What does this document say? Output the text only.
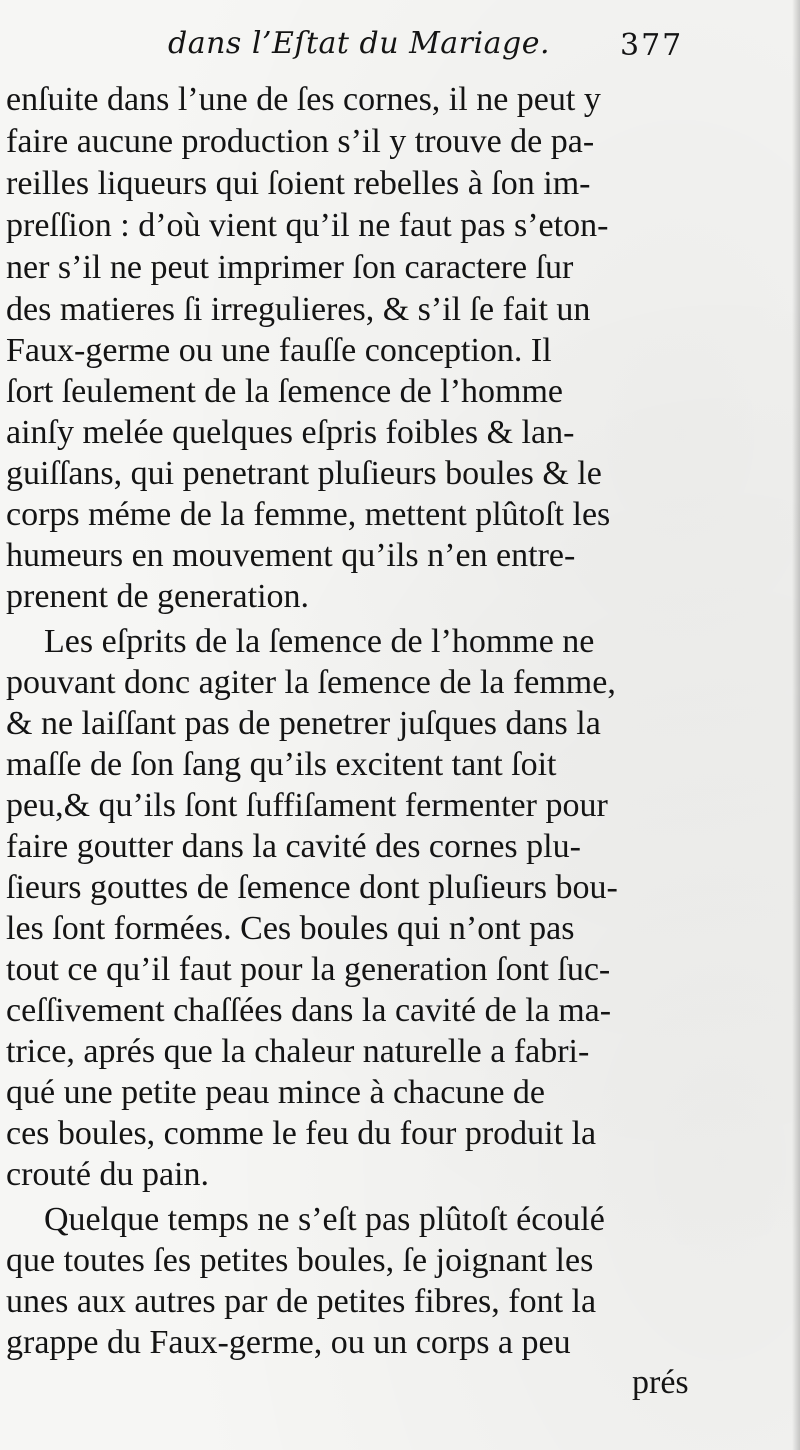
dans l’Eſtat du Mariage. 377
enſuite dans l’une de ſes cornes, il ne peut y
faire aucune production s’il y trouve de pa-
reilles liqueurs qui ſoient rebelles à ſon im-
preſſion : d’où vient qu’il ne faut pas s’eton-
ner s’il ne peut imprimer ſon caractere ſur
des matieres ſi irregulieres, & s’il ſe fait un
Faux-germe ou une fauſſe conception. Il
ſort ſeulement de la ſemence de l’homme
ainſy melée quelques eſpris foibles & lan-
guiſſans, qui penetrant pluſieurs boules & le
corps méme de la femme, mettent plûtoſt les
humeurs en mouvement qu’ils n’en entre-
prenent de generation.
Les eſprits de la ſemence de l’homme ne
pouvant donc agiter la ſemence de la femme,
& ne laiſſant pas de penetrer juſques dans la
maſſe de ſon ſang qu’ils excitent tant ſoit
peu,& qu’ils ſont ſuffiſament fermenter pour
faire goutter dans la cavité des cornes plu-
ſieurs gouttes de ſemence dont pluſieurs bou-
les ſont formées. Ces boules qui n’ont pas
tout ce qu’il faut pour la generation ſont ſuc-
ceſſivement chaſſées dans la cavité de la ma-
trice, aprés que la chaleur naturelle a fabri-
qué une petite peau mince à chacune de
ces boules, comme le feu du four produit la
crouté du pain.
Quelque temps ne s’eſt pas plûtoſt écoulé
que toutes ſes petites boules, ſe joignant les
unes aux autres par de petites fibres, font la
grappe du Faux-germe, ou un corps a peu
prés
